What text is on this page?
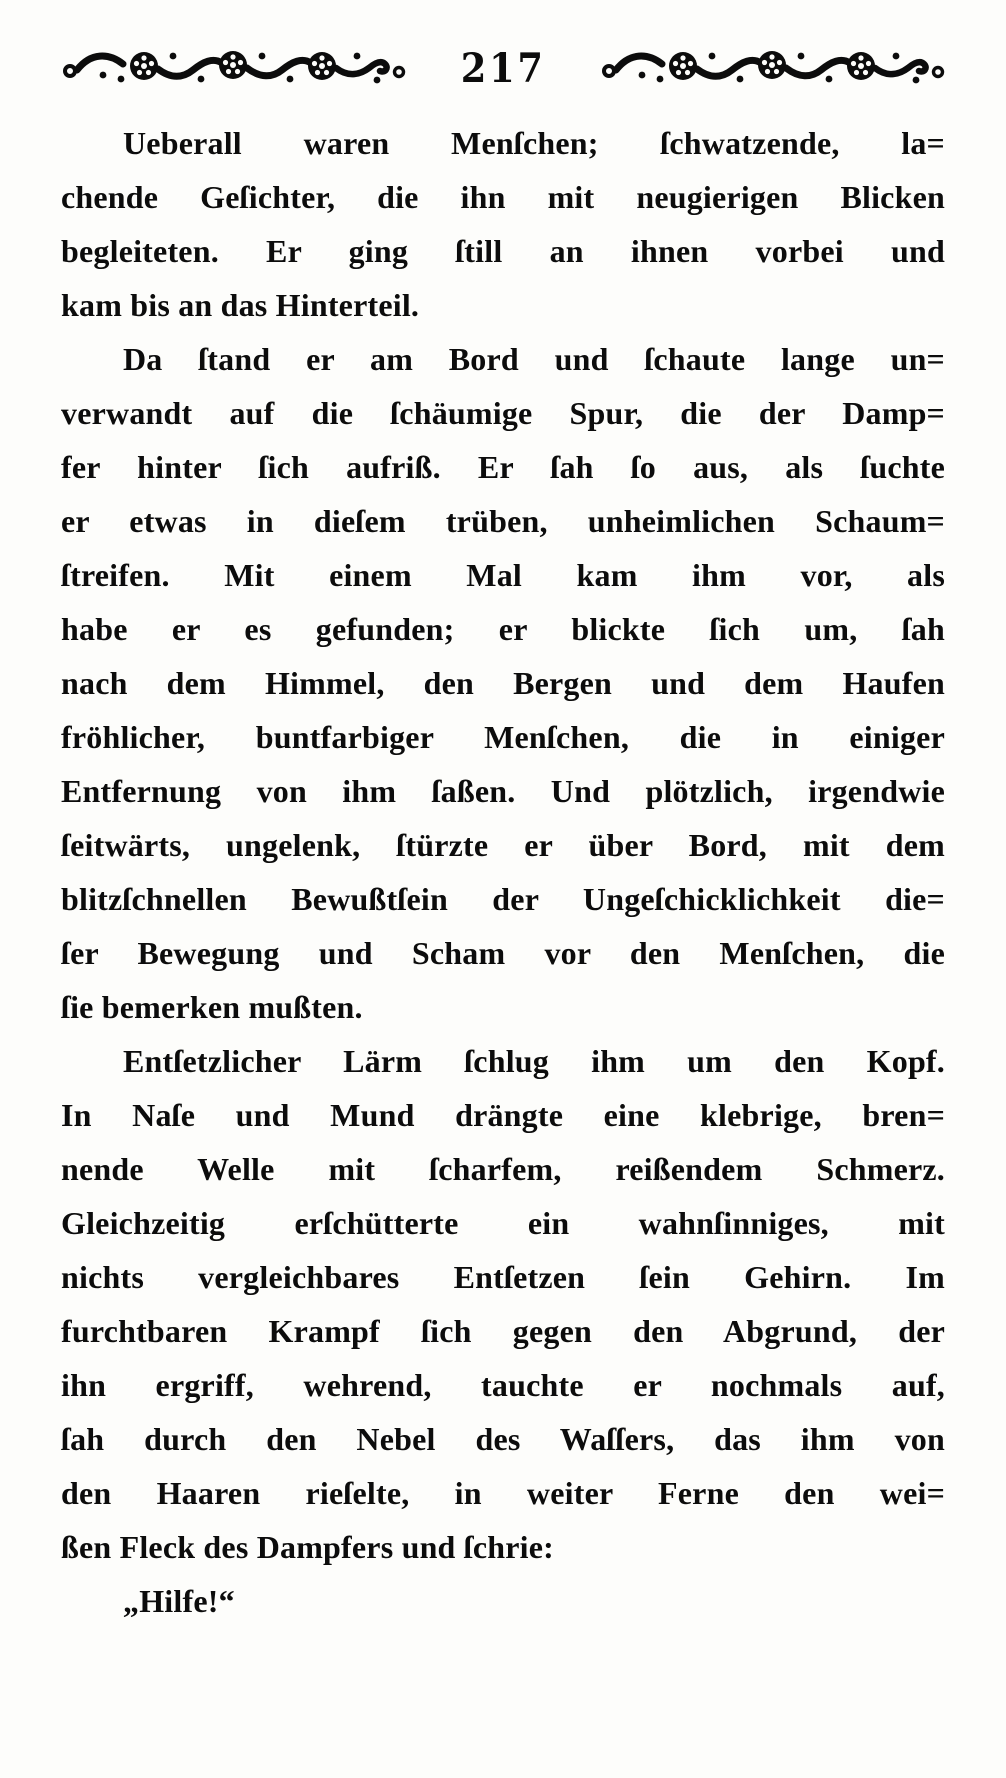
217

Ueberall waren Menſchen; ſchwatzende, la=

chende Geſichter, die ihn mit neugierigen Blicken

begleiteten. Er ging ſtill an ihnen vorbei und

kam bis an das Hinterteil.

Da ſtand er am Bord und ſchaute lange un=

verwandt auf die ſchäumige Spur, die der Damp=

fer hinter ſich aufriß. Er ſah ſo aus, als ſuchte

er etwas in dieſem trüben, unheimlichen Schaum=

ſtreifen. Mit einem Mal kam ihm vor, als

habe er es gefunden; er blickte ſich um, ſah

nach dem Himmel, den Bergen und dem Haufen

fröhlicher, buntfarbiger Menſchen, die in einiger

Entfernung von ihm ſaßen. Und plötzlich, irgendwie

ſeitwärts, ungelenk, ſtürzte er über Bord, mit dem

blitzſchnellen Bewußtſein der Ungeſchicklichkeit die=

ſer Bewegung und Scham vor den Menſchen, die

ſie bemerken mußten.

Entſetzlicher Lärm ſchlug ihm um den Kopf.

In Naſe und Mund drängte eine klebrige, bren=

nende Welle mit ſcharfem, reißendem Schmerz.

Gleichzeitig erſchütterte ein wahnſinniges, mit

nichts vergleichbares Entſetzen ſein Gehirn. Im

furchtbaren Krampf ſich gegen den Abgrund, der

ihn ergriff, wehrend, tauchte er nochmals auf,

ſah durch den Nebel des Waſſers, das ihm von

den Haaren rieſelte, in weiter Ferne den wei=

ßen Fleck des Dampfers und ſchrie:

„Hilfe!“
